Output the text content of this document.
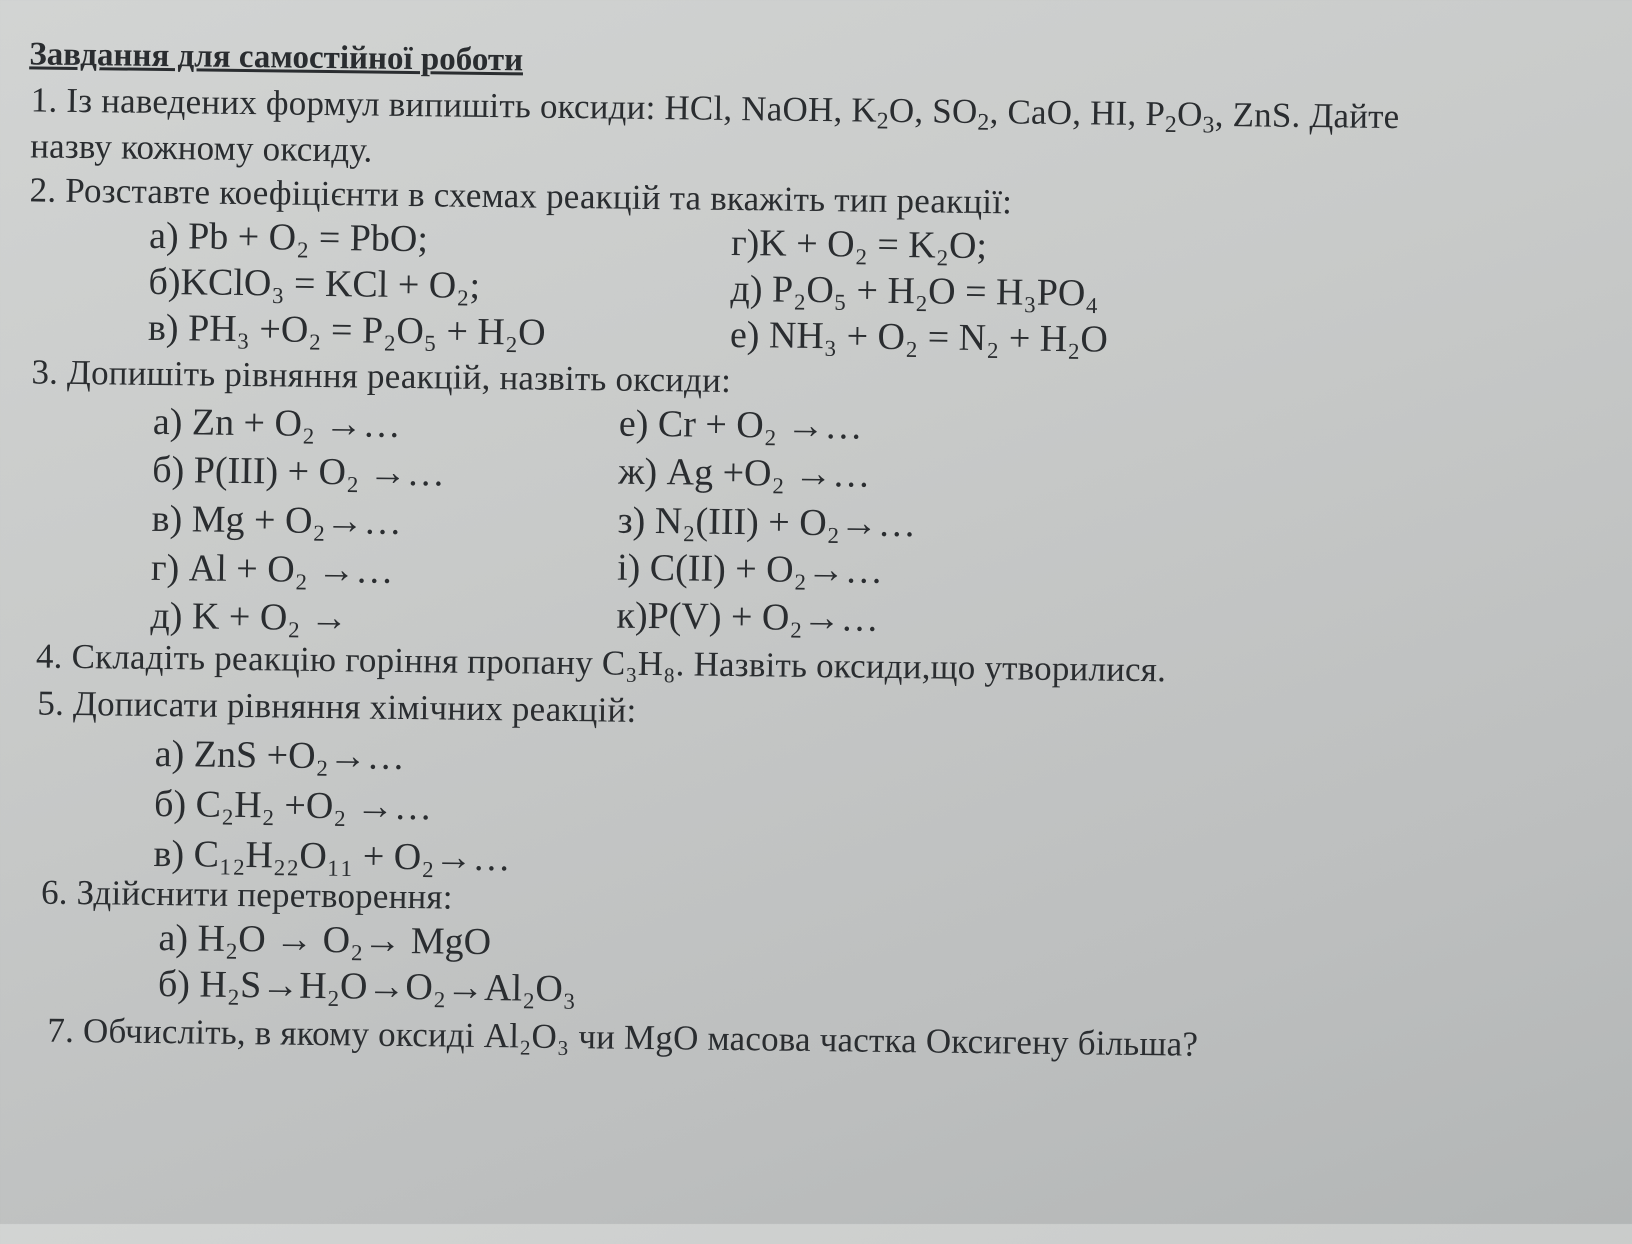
Завдання для самостійної роботи
1. Із наведених формул випишіть оксиди: HCl, NaOH, $K_2O$, $SO_2$, CaO, HI, $P_2O_3$, ZnS. Дайте
назву кожному оксиду.
2. Розставте коефіцієнти в схемах реакцій та вкажіть тип реакції:
а) Pb + O₂ = PbO;
б)KClO₃ = KCl + O₂;
в) PH₃ +O₂ = P₂O₅ + H₂O
г)K + O₂ = K₂O;
д) P₂O₅ + H₂O = H₃PO₄
е) NH₃ + O₂ = N₂ + H₂O
3. Допишіть рівняння реакцій, назвіть оксиди:
а) Zn + O₂ →…
б) P(III) + O₂ →…
в) Mg + O₂→…
г) Al + O₂ →…
д) K + O₂ →
е) Cr + O₂ →…
ж) Ag +O₂ →…
з) N₂(III) + O₂→…
і) C(II) + O₂→…
к)P(V) + O₂→…
4. Складіть реакцію горіння пропану C₃H₈. Назвіть оксиди,що утворилися.
5. Дописати рівняння хімічних реакцій:
а) ZnS +O₂→…
б) C₂H₂ +O₂ →…
в) C₁₂H₂₂O₁₁ + O₂→…
6. Здійснити перетворення:
а) H₂O → O₂→ MgO
б) H₂S→H₂O→O₂→Al₂O₃
7. Обчисліть, в якому оксиді Al₂O₃ чи MgO масова частка Оксигену більша?
